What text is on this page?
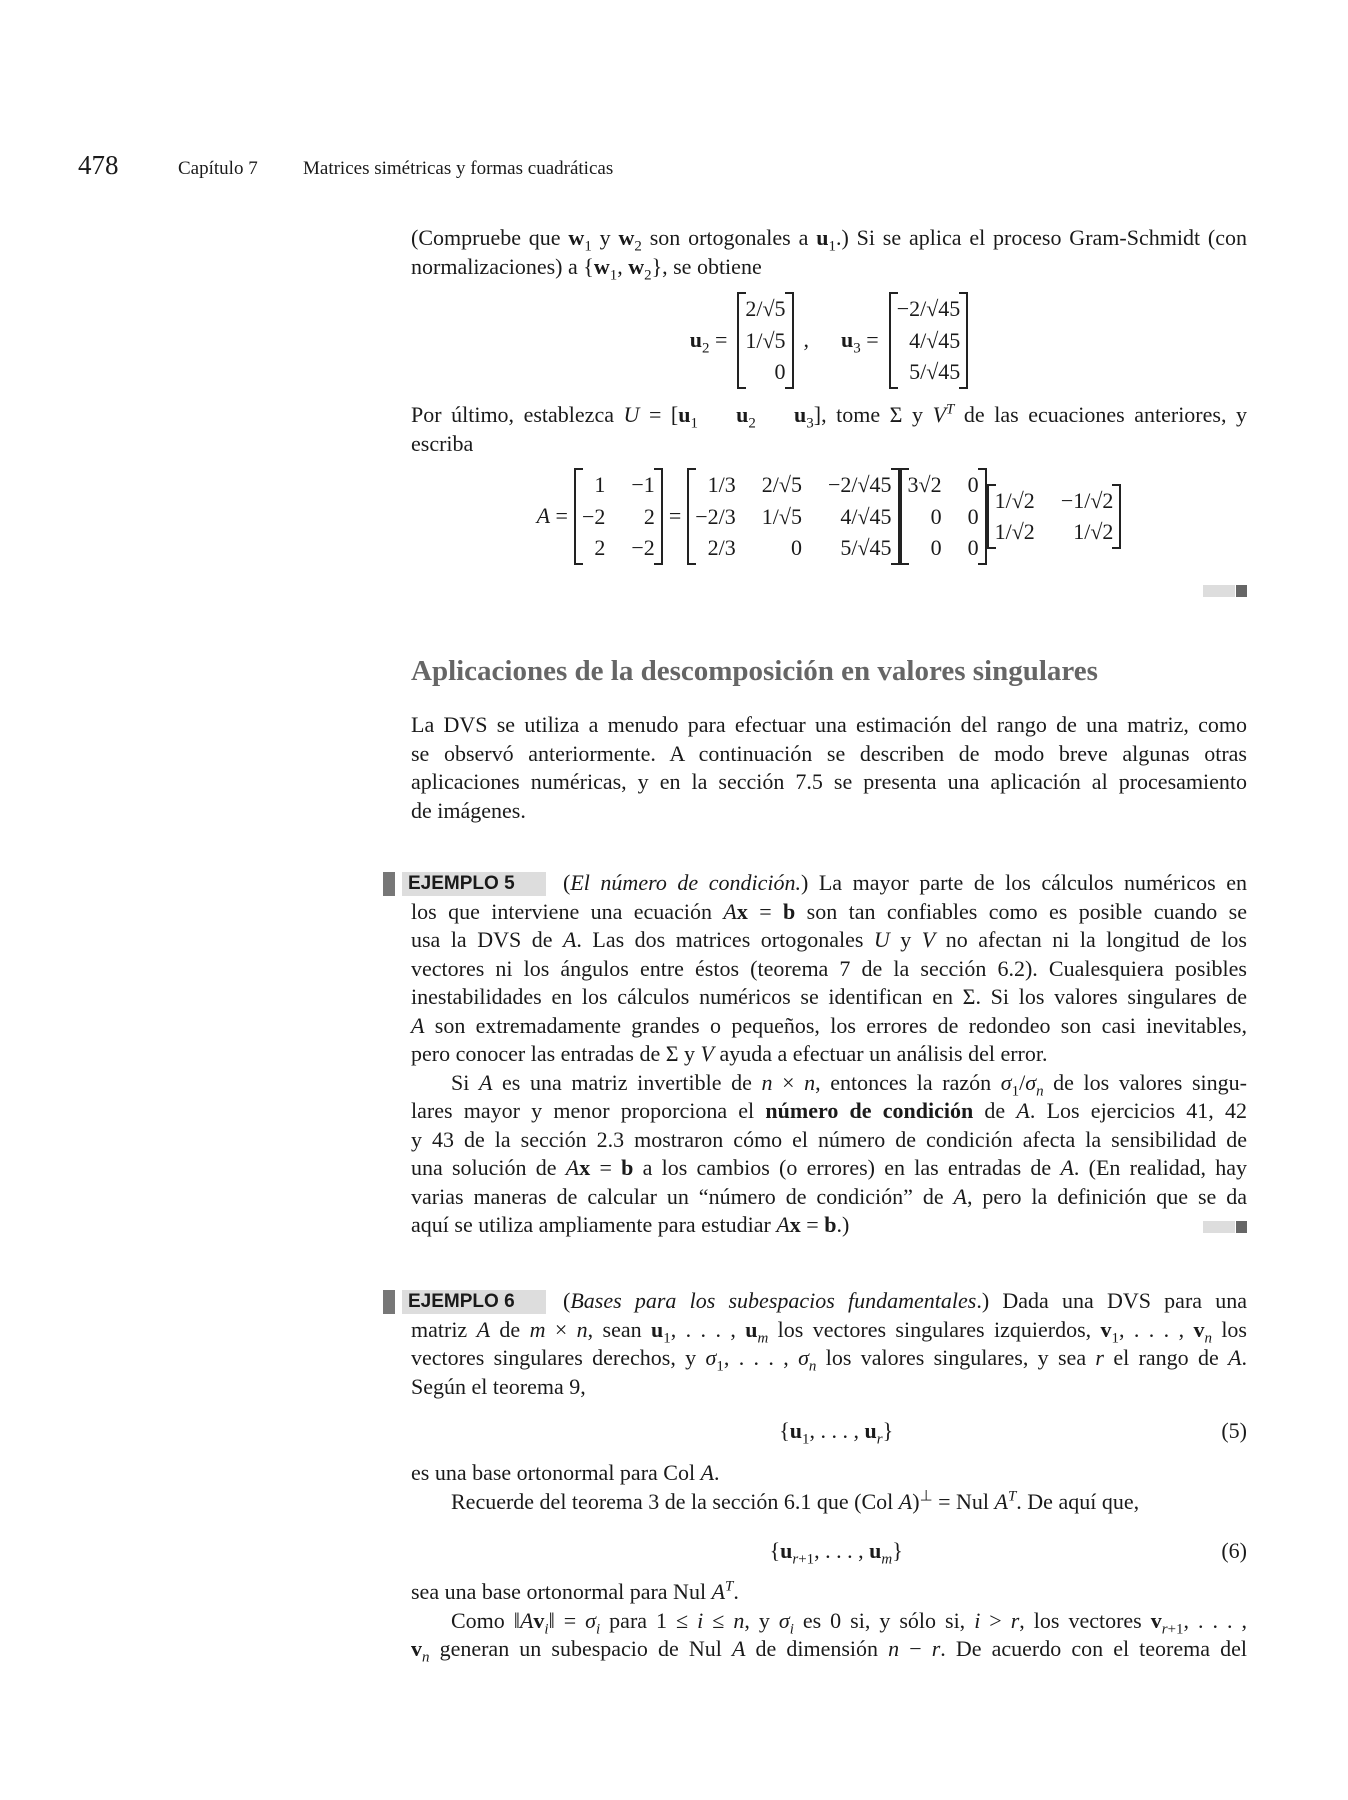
478	Capítulo 7 Matrices simétricas y formas cuadráticas
(Compruebe que $w_1$ y $w_2$ son ortogonales a $u_1$.) Si se aplica el proceso Gram-Schmidt (con
normalizaciones) a {$w_1$, $w_2$}, se obtiene
$u_2$ =
2/√5
1/√5
0
, $u_3$ =
−2/√45
4/√45
5/√45
Por último, establezca $U = [u_1$ $u_2$ $u_3$], tome Σ y $V^T$ de las ecuaciones anteriores, y
escriba
A =
1 −1
−2	2
2 −2
=
1/3 2/√5 −2/√45
−2/3 1/√5	4/√45
2/3	0	5/√45
3√2 0
0 0
0 0
1/√2 −1/√2
1/√2	1/√2
Aplicaciones de la descomposición en valores singulares
La DVS se utiliza a menudo para efectuar una estimación del rango de una matriz, como
se observó anteriormente. A continuación se describen de modo breve algunas otras
aplicaciones numéricas, y en la sección 7.5 se presenta una aplicación al procesamiento
de imágenes.
EJEMPLO 5	(El número de condición.) La mayor parte de los cálculos numéricos en
los que interviene una ecuación Ax = b son tan confiables como es posible cuando se
usa la DVS de A. Las dos matrices ortogonales U y V no afectan ni la longitud de los
vectores ni los ángulos entre éstos (teorema 7 de la sección 6.2). Cualesquiera posibles
inestabilidades en los cálculos numéricos se identifican en Σ. Si los valores singulares de
A son extremadamente grandes o pequeños, los errores de redondeo son casi inevitables,
pero conocer las entradas de Σ y V ayuda a efectuar un análisis del error.
Si A es una matriz invertible de n × n, entonces la razón $\sigma_1/\sigma_n$ de los valores singu-
lares mayor y menor proporciona el número de condición de A. Los ejercicios 41, 42
y 43 de la sección 2.3 mostraron cómo el número de condición afecta la sensibilidad de
una solución de Ax = b a los cambios (o errores) en las entradas de A. (En realidad, hay
varias maneras de calcular un “número de condición” de A, pero la definición que se da
aquí se utiliza ampliamente para estudiar Ax = b.)
EJEMPLO 6	(Bases para los subespacios fundamentales.) Dada una DVS para una
matriz A de m × n, sean $u_1$, . . . , $u_m$ los vectores singulares izquierdos, $v_1$, . . . , $v_n$ los
vectores singulares derechos, y $\sigma_1$, . . . , $\sigma_n$ los valores singulares, y sea r el rango de A.
Según el teorema 9,
{$u_1$, . . . , $u_r$}	(5)
es una base ortonormal para Col A.
Recuerde del teorema 3 de la sección 6.1 que (Col A)⊥ = Nul $A^T$. De aquí que,
{$u_{r+1}$, . . . , $u_m$}	(6)
sea una base ortonormal para Nul $A^T$.
Como $‖Av_i‖ = \sigma_i$ para 1 ≤ i ≤ n, y $\sigma_i$ es 0 si, y sólo si, i > r, los vectores $v_{r+1}$, . . . ,
$v_n$ generan un subespacio de Nul A de dimensión n − r. De acuerdo con el teorema del
